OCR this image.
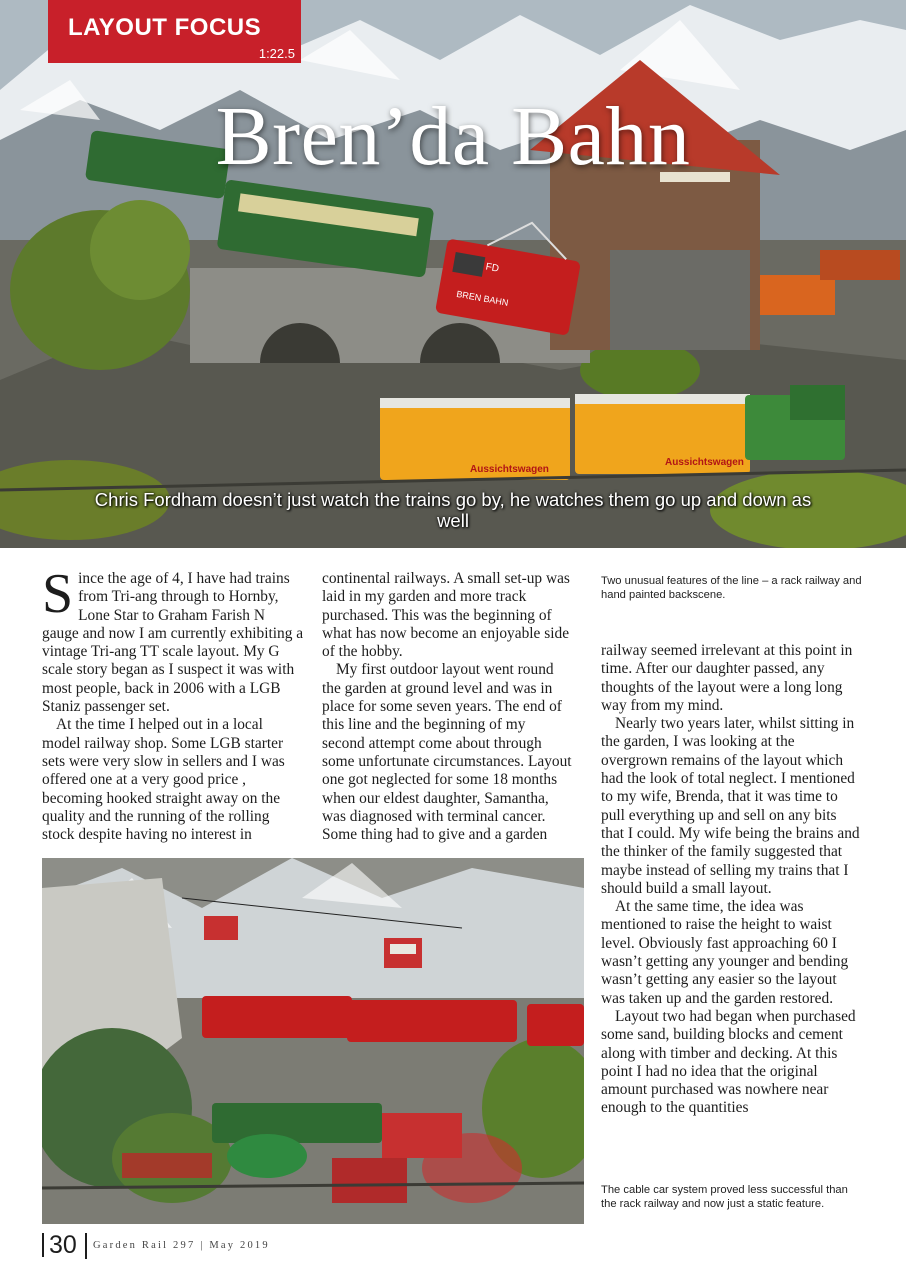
BREN BAHN
FD
Aussichtswagen
Aussichtswagen
LAYOUT FOCUS
1:22.5
Bren’da Bahn
Chris Fordham doesn’t just watch the trains go by, he watches them go up and down as well

Since the age of 4, I have had trains from Tri-ang through to Hornby, Lone Star to Graham Farish N gauge and now I am currently exhibiting a vintage Tri-ang TT scale layout. My G scale story began as I suspect it was with most people, back in 2006 with a LGB Staniz passenger set.

At the time I helped out in a local model railway shop. Some LGB starter sets were very slow in sellers and I was offered one at a very good price , becoming hooked straight away on the quality and the running of the rolling stock despite having no interest in

continental railways. A small set-up was laid in my garden and more track purchased. This was the beginning of what has now become an enjoyable side of the hobby.

My first outdoor layout went round the garden at ground level and was in place for some seven years. The end of this line and the beginning of my second attempt come about through some unfortunate circumstances. Layout one got neglected for some 18 months when our eldest daughter, Samantha, was diagnosed with terminal cancer. Some thing had to give and a garden

Two unusual features of the line – a rack railway and hand painted backscene.

railway seemed irrelevant at this point in time. After our daughter passed, any thoughts of the layout were a long long way from my mind.

Nearly two years later, whilst sitting in the garden, I was looking at the overgrown remains of the layout which had the look of total neglect. I mentioned to my wife, Brenda, that it was time to pull everything up and sell on any bits that I could. My wife being the brains and the thinker of the family suggested that maybe instead of selling my trains that I should build a small layout.

At the same time, the idea was mentioned to raise the height to waist level. Obviously fast approaching 60 I wasn’t getting any younger and bending wasn’t getting any easier so the layout was taken up and the garden restored.

Layout two had began when purchased some sand, building blocks and cement along with timber and decking. At this point I had no idea that the original amount purchased was nowhere near enough to the quantities

The cable car system proved less successful than the rack railway and now just a static feature.
30 Garden Rail 297 | May 2019
